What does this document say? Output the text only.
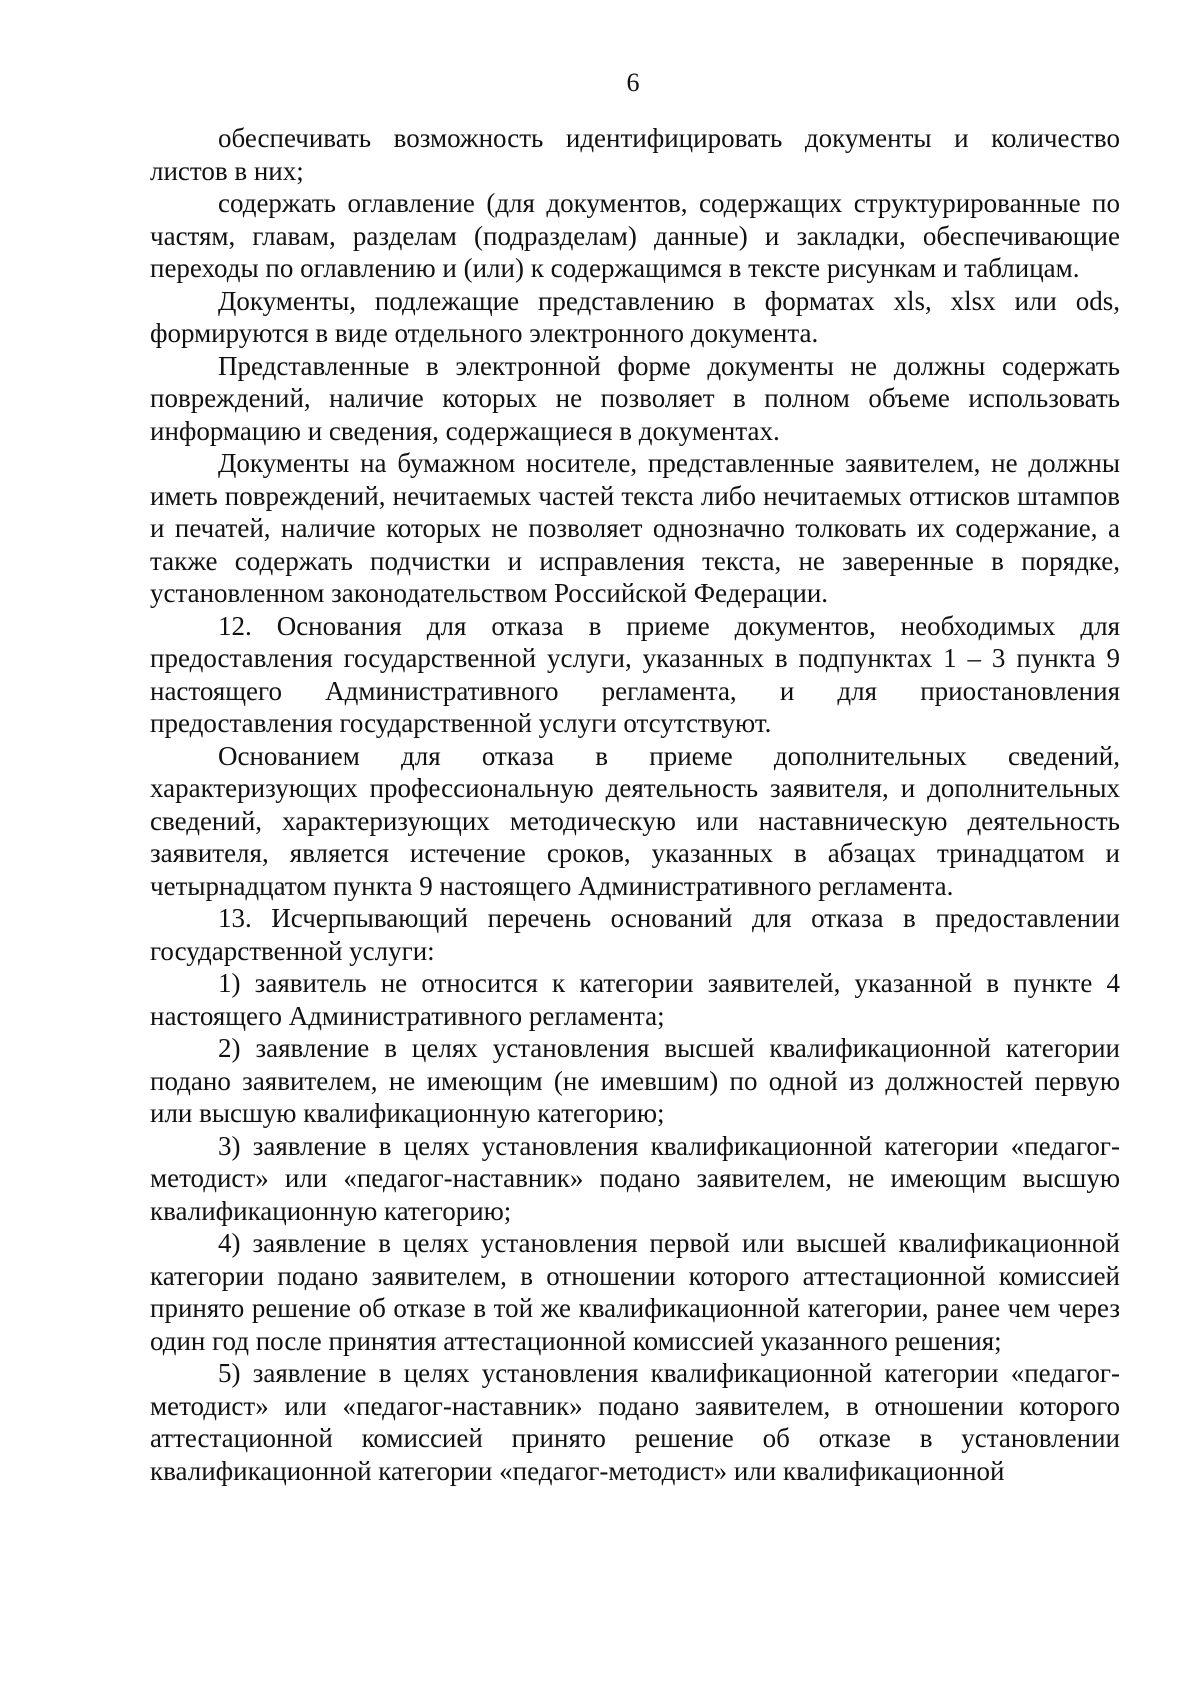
6

обеспечивать возможность идентифицировать документы и количество листов в них;

содержать оглавление (для документов, содержащих структурированные по частям, главам, разделам (подразделам) данные) и закладки, обеспечивающие переходы по оглавлению и (или) к содержащимся в тексте рисункам и таблицам.

Документы, подлежащие представлению в форматах xls, xlsx или ods, формируются в виде отдельного электронного документа.

Представленные в электронной форме документы не должны содержать повреждений, наличие которых не позволяет в полном объеме использовать информацию и сведения, содержащиеся в документах.

Документы на бумажном носителе, представленные заявителем, не должны иметь повреждений, нечитаемых частей текста либо нечитаемых оттисков штампов и печатей, наличие которых не позволяет однозначно толковать их содержание, а также содержать подчистки и исправления текста, не заверенные в порядке, установленном законодательством Российской Федерации.

12. Основания для отказа в приеме документов, необходимых для предоставления государственной услуги, указанных в подпунктах 1 – 3 пункта 9 настоящего Административного регламента, и для приостановления предоставления государственной услуги отсутствуют.

Основанием для отказа в приеме дополнительных сведений, характеризующих профессиональную деятельность заявителя, и дополнительных сведений, характеризующих методическую или наставническую деятельность заявителя, является истечение сроков, указанных в абзацах тринадцатом и четырнадцатом пункта 9 настоящего Административного регламента.

13. Исчерпывающий перечень оснований для отказа в предоставлении государственной услуги:

1) заявитель не относится к категории заявителей, указанной в пункте 4 настоящего Административного регламента;

2) заявление в целях установления высшей квалификационной категории подано заявителем, не имеющим (не имевшим) по одной из должностей первую или высшую квалификационную категорию;

3) заявление в целях установления квалификационной категории «педагог-методист» или «педагог-наставник» подано заявителем, не имеющим высшую квалификационную категорию;

4) заявление в целях установления первой или высшей квалификационной категории подано заявителем, в отношении которого аттестационной комиссией принято решение об отказе в той же квалификационной категории, ранее чем через один год после принятия аттестационной комиссией указанного решения;

5) заявление в целях установления квалификационной категории «педагог-методист» или «педагог-наставник» подано заявителем, в отношении которого аттестационной комиссией принято решение об отказе в установлении квалификационной категории «педагог-методист» или квалификационной
